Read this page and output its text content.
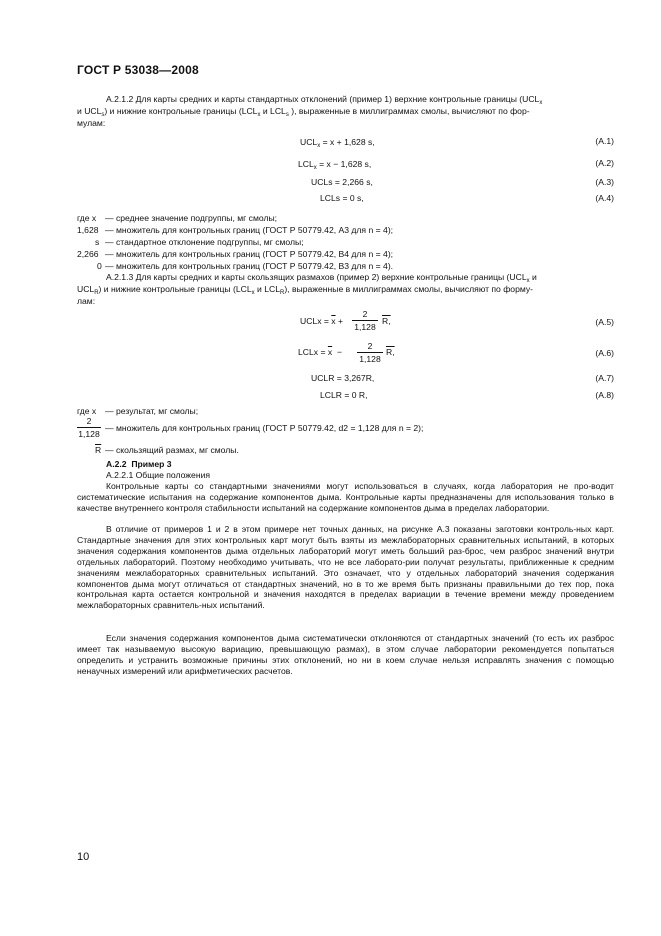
ГОСТ Р 53038—2008
А.2.1.2 Для карты средних и карты стандартных отклонений (пример 1) верхние контрольные границы ($UCL_x$
и $UCL_s$) и нижние контрольные границы ($LCL_x$ и $LCL_s$ ), выраженные в миллиграммах смолы, вычисляют по фор-
мулам:
$UCL_x = x + 1,628$ s,	(А.1)
$LCL_x = x - 1,628$ s,	(А.2)
UCLs = 2,266 s,	(А.3)
LCLs = 0 s,	(А.4)
где x — среднее значение подгруппы, мг смолы;
1,628 — множитель для контрольных границ (ГОСТ Р 50779.42, A3 для n = 4);
s — стандартное отклонение подгруппы, мг смолы;
2,266 — множитель для контрольных границ (ГОСТ Р 50779.42, B4 для n = 4);
0 — множитель для контрольных границ (ГОСТ Р 50779.42, B3 для n = 4).
А.2.1.3 Для карты средних и карты скользящих размахов (пример 2) верхние контрольные границы ($UCL_x$ и
$UCL_R$) и нижние контрольные границы ($LCL_x$ и $LCL_R$), выраженные в миллиграммах смолы, вычисляют по форму-
лам:
UCLx = $\overline{x}$ +
2
1,128
R,	(А.5)
LCLx = $\overline{x}$ −
2
1,128
R,	(А.6)
UCLR = 3,267R,	(А.7)
LCLR = 0 R,	(А.8)
где x — результат, мг смолы;
2
1,128
— множитель для контрольных границ (ГОСТ Р 50779.42, d2 = 1,128 для n = 2);
$\overline{R}$ — скользящий размах, мг смолы.
А.2.2 Пример 3
А.2.2.1 Общие положения
Контрольные карты со стандартными значениями могут использоваться в случаях, когда лаборатория не про-водит систематические испытания на содержание компонентов дыма. Контрольные карты предназначены для использования только в качестве внутреннего контроля стабильности испытаний на содержание компонентов дыма в пределах лаборатории.
В отличие от примеров 1 и 2 в этом примере нет точных данных, на рисунке А.3 показаны заготовки контроль-ных карт. Стандартные значения для этих контрольных карт могут быть взяты из межлабораторных сравнительных испытаний, в которых значения содержания компонентов дыма отдельных лабораторий могут иметь больший раз-брос, чем разброс значений внутри отдельных лабораторий. Поэтому необходимо учитывать, что не все лаборато-рии получат результаты, приближенные к средним значениям межлабораторных сравнительных испытаний. Это означает, что у отдельных лабораторий значения содержания компонентов дыма могут отличаться от стандартных значений, но в то же время быть признаны правильными до тех пор, пока контрольная карта остается контрольной и значения находятся в пределах вариации в течение времени между проведением межлабораторных сравнитель-ных испытаний.
Если значения содержания компонентов дыма систематически отклоняются от стандартных значений (то есть их разброс имеет так называемую высокую вариацию, превышающую размах), в этом случае лаборатории рекомендуется попытаться определить и устранить возможные причины этих отклонений, но ни в коем случае нельзя исправлять значения с помощью ненаучных измерений или арифметических расчетов.
10
